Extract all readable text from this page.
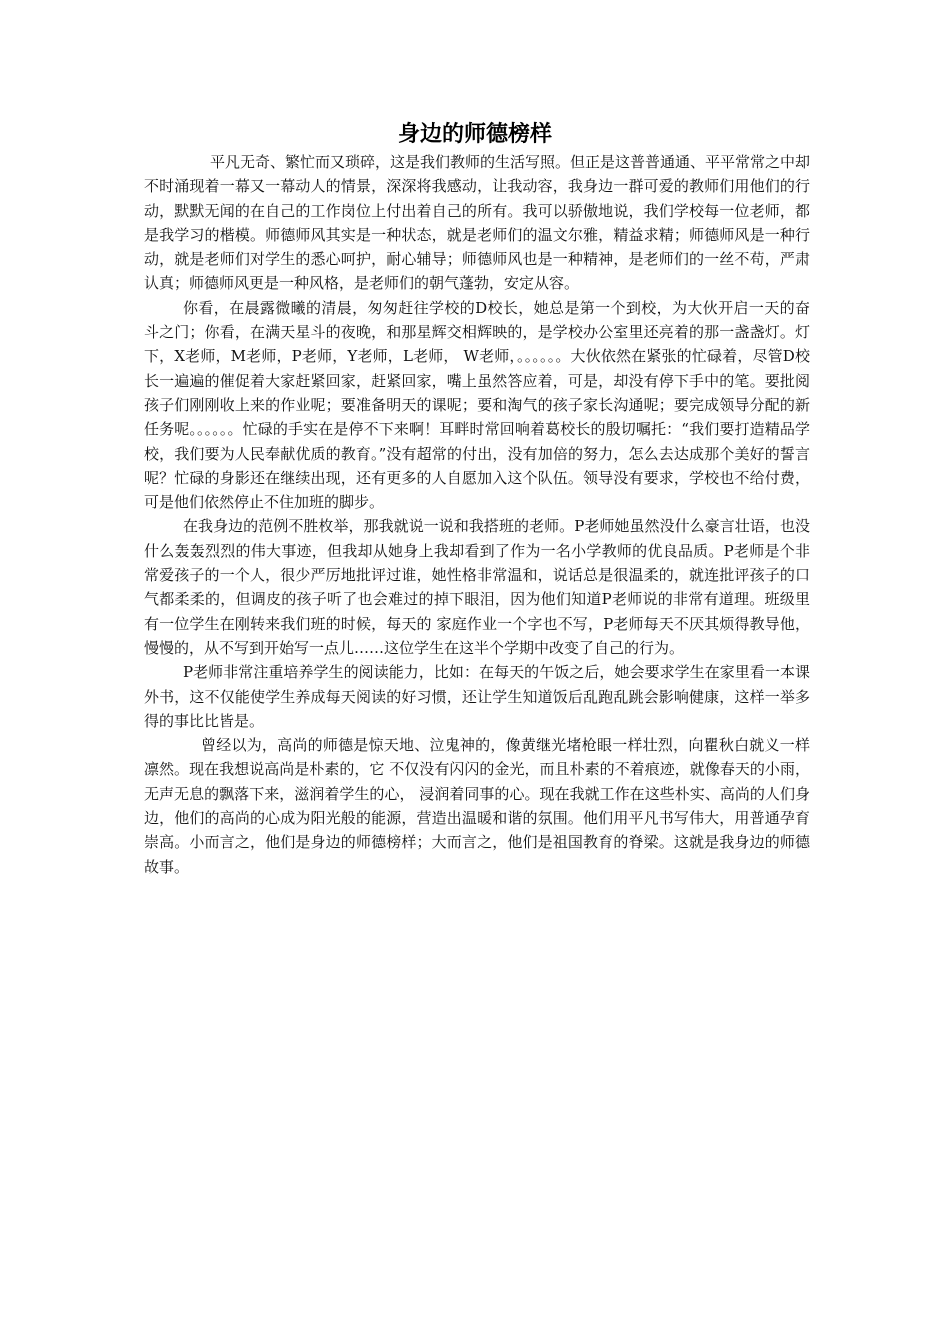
身边的师德榜样

平凡无奇、繁忙而又琐碎，这是我们教师的生活写照。但正是这普普通通、平平常常之中却不时涌现着一幕又一幕动人的情景，深深将我感动，让我动容，我身边一群可爱的教师们用他们的行动，默默无闻的在自己的工作岗位上付出着自己的所有。我可以骄傲地说，我们学校每一位老师，都是我学习的楷模。师德师风其实是一种状态，就是老师们的温文尔雅，精益求精；师德师风是一种行动，就是老师们对学生的悉心呵护，耐心辅导；师德师风也是一种精神，是老师们的一丝不苟，严肃认真；师德师风更是一种风格，是老师们的朝气蓬勃，安定从容。

你看，在晨露微曦的清晨，匆匆赶往学校的D校长，她总是第一个到校，为大伙开启一天的奋斗之门；你看，在满天星斗的夜晚，和那星辉交相辉映的，是学校办公室里还亮着的那一盏盏灯。灯下，X老师，M老师，P老师，Y老师，L老师， W老师，。。。。。。大伙依然在紧张的忙碌着，尽管D校长一遍遍的催促着大家赶紧回家，赶紧回家，嘴上虽然答应着，可是，却没有停下手中的笔。要批阅孩子们刚刚收上来的作业呢；要准备明天的课呢；要和淘气的孩子家长沟通呢；要完成领导分配的新任务呢。。。。。。忙碌的手实在是停不下来啊！耳畔时常回响着葛校长的殷切嘱托：“我们要打造精品学校，我们要为人民奉献优质的教育。”没有超常的付出，没有加倍的努力，怎么去达成那个美好的誓言呢？忙碌的身影还在继续出现，还有更多的人自愿加入这个队伍。领导没有要求，学校也不给付费，可是他们依然停止不住加班的脚步。

在我身边的范例不胜枚举，那我就说一说和我搭班的老师。P老师她虽然没什么豪言壮语，也没什么轰轰烈烈的伟大事迹，但我却从她身上我却看到了作为一名小学教师的优良品质。P老师是个非常爱孩子的一个人，很少严厉地批评过谁，她性格非常温和，说话总是很温柔的，就连批评孩子的口气都柔柔的，但调皮的孩子听了也会难过的掉下眼泪，因为他们知道P老师说的非常有道理。班级里有一位学生在刚转来我们班的时候，每天的 家庭作业一个字也不写，P老师每天不厌其烦得教导他，慢慢的，从不写到开始写一点儿……这位学生在这半个学期中改变了自己的行为。

P老师非常注重培养学生的阅读能力，比如：在每天的午饭之后，她会要求学生在家里看一本课外书，这不仅能使学生养成每天阅读的好习惯，还让学生知道饭后乱跑乱跳会影响健康，这样一举多得的事比比皆是。

曾经以为，高尚的师德是惊天地、泣鬼神的，像黄继光堵枪眼一样壮烈，向瞿秋白就义一样凛然。现在我想说高尚是朴素的，它 不仅没有闪闪的金光，而且朴素的不着痕迹，就像春天的小雨，无声无息的飘落下来，滋润着学生的心， 浸润着同事的心。现在我就工作在这些朴实、高尚的人们身边，他们的高尚的心成为阳光般的能源，营造出温暖和谐的氛围。他们用平凡书写伟大，用普通孕育崇高。小而言之，他们是身边的师德榜样；大而言之，他们是祖国教育的脊梁。这就是我身边的师德故事。
